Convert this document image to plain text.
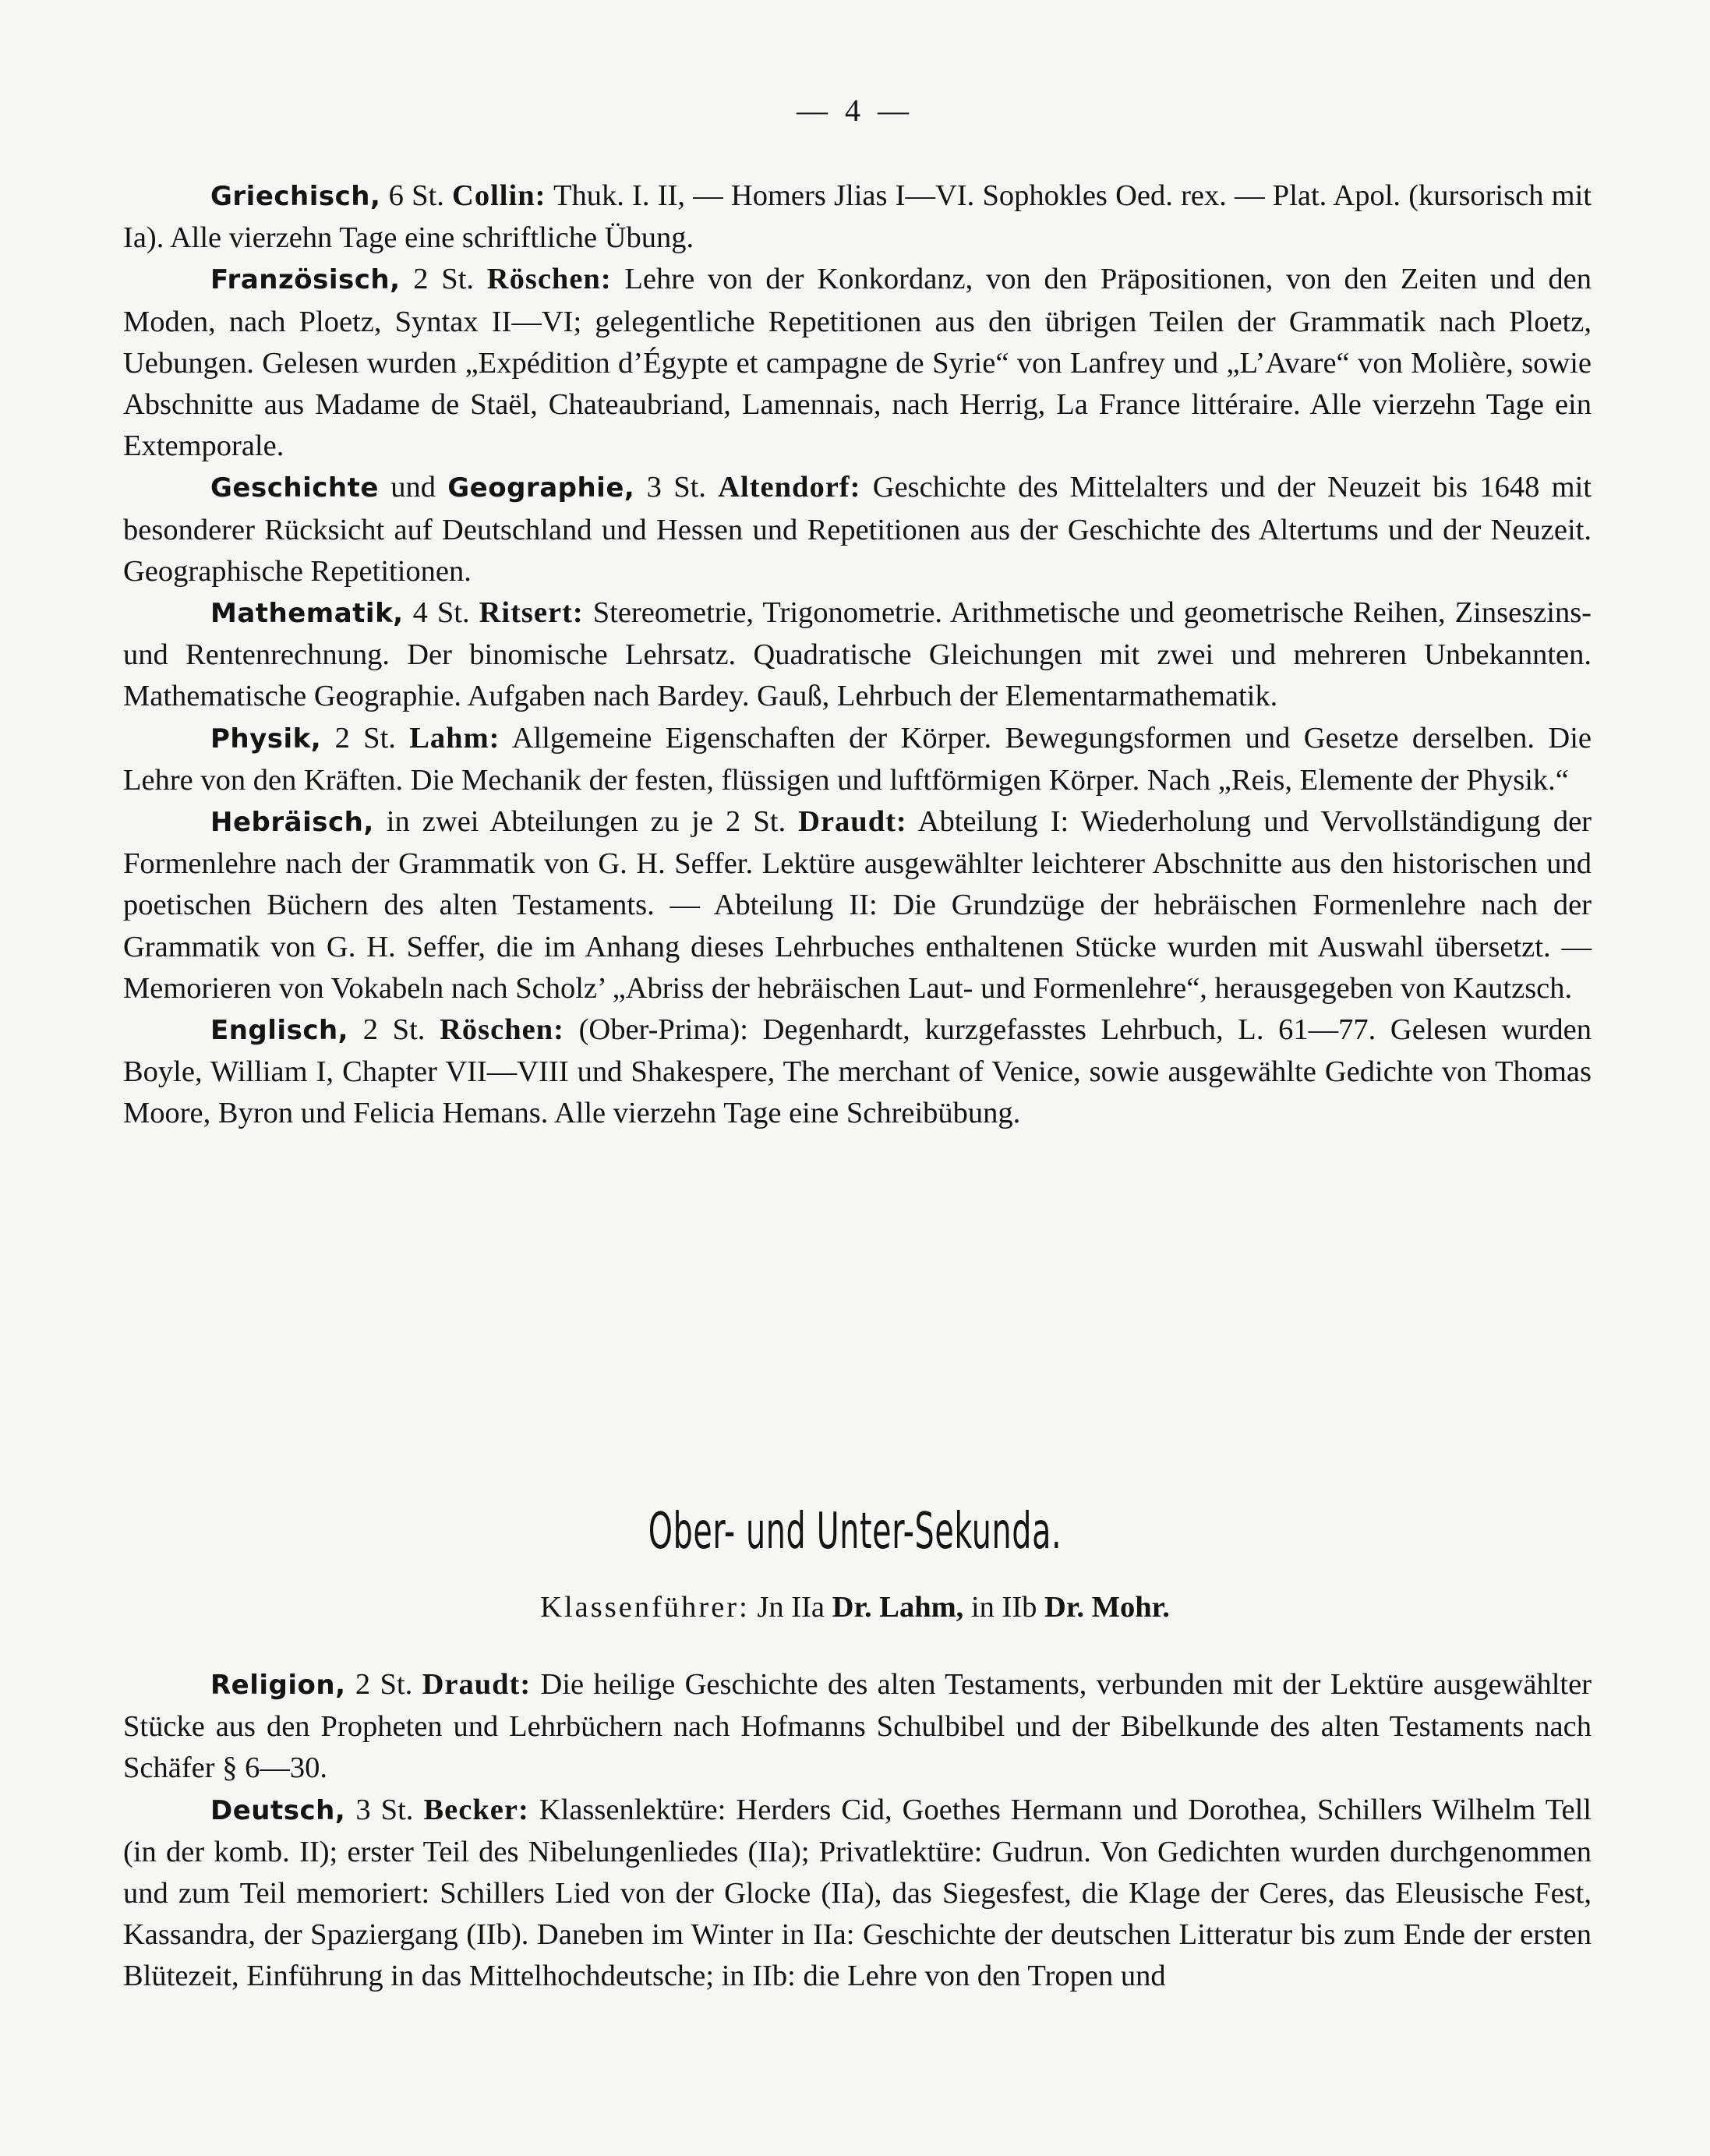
— 4 —

Griechisch, 6 St. Collin: Thuk. I. II, — Homers Jlias I—VI. Sophokles Oed. rex. — Plat. Apol. (kursorisch mit Ia). Alle vierzehn Tage eine schriftliche Übung.

Französisch, 2 St. Röschen: Lehre von der Konkordanz, von den Präpositionen, von den Zeiten und den Moden, nach Ploetz, Syntax II—VI; gelegentliche Repetitionen aus den übrigen Teilen der Grammatik nach Ploetz, Uebungen. Gelesen wurden „Expédition d’Égypte et campagne de Syrie“ von Lanfrey und „L’Avare“ von Molière, sowie Abschnitte aus Madame de Staël, Chateaubriand, Lamennais, nach Herrig, La France littéraire. Alle vierzehn Tage ein Extemporale.

Geschichte und Geographie, 3 St. Altendorf: Geschichte des Mittelalters und der Neuzeit bis 1648 mit besonderer Rücksicht auf Deutschland und Hessen und Repetitionen aus der Geschichte des Altertums und der Neuzeit. Geographische Repetitionen.

Mathematik, 4 St. Ritsert: Stereometrie, Trigonometrie. Arithmetische und geometrische Reihen, Zinseszins- und Rentenrechnung. Der binomische Lehrsatz. Quadratische Gleichungen mit zwei und mehreren Unbekannten. Mathematische Geographie. Aufgaben nach Bardey. Gauß, Lehrbuch der Elementarmathematik.

Physik, 2 St. Lahm: Allgemeine Eigenschaften der Körper. Bewegungsformen und Gesetze derselben. Die Lehre von den Kräften. Die Mechanik der festen, flüssigen und luftförmigen Körper. Nach „Reis, Elemente der Physik.“

Hebräisch, in zwei Abteilungen zu je 2 St. Draudt: Abteilung I: Wiederholung und Vervollständigung der Formenlehre nach der Grammatik von G. H. Seffer. Lektüre ausgewählter leichterer Abschnitte aus den historischen und poetischen Büchern des alten Testaments. — Abteilung II: Die Grundzüge der hebräischen Formenlehre nach der Grammatik von G. H. Seffer, die im Anhang dieses Lehrbuches enthaltenen Stücke wurden mit Auswahl übersetzt. — Memorieren von Vokabeln nach Scholz’ „Abriss der hebräischen Laut- und Formenlehre“, herausgegeben von Kautzsch.

Englisch, 2 St. Röschen: (Ober-Prima): Degenhardt, kurzgefasstes Lehrbuch, L. 61—77. Gelesen wurden Boyle, William I, Chapter VII—VIII und Shakespere, The merchant of Venice, sowie ausgewählte Gedichte von Thomas Moore, Byron und Felicia Hemans. Alle vierzehn Tage eine Schreibübung.

Ober- und Unter-Sekunda.
Klassenführer: Jn IIa Dr. Lahm, in IIb Dr. Mohr.

Religion, 2 St. Draudt: Die heilige Geschichte des alten Testaments, verbunden mit der Lektüre ausgewählter Stücke aus den Propheten und Lehrbüchern nach Hofmanns Schulbibel und der Bibelkunde des alten Testaments nach Schäfer § 6—30.

Deutsch, 3 St. Becker: Klassenlektüre: Herders Cid, Goethes Hermann und Dorothea, Schillers Wilhelm Tell (in der komb. II); erster Teil des Nibelungenliedes (IIa); Privatlektüre: Gudrun. Von Gedichten wurden durchgenommen und zum Teil memoriert: Schillers Lied von der Glocke (IIa), das Siegesfest, die Klage der Ceres, das Eleusische Fest, Kassandra, der Spaziergang (IIb). Daneben im Winter in IIa: Geschichte der deutschen Litteratur bis zum Ende der ersten Blütezeit, Einführung in das Mittelhochdeutsche; in IIb: die Lehre von den Tropen und
